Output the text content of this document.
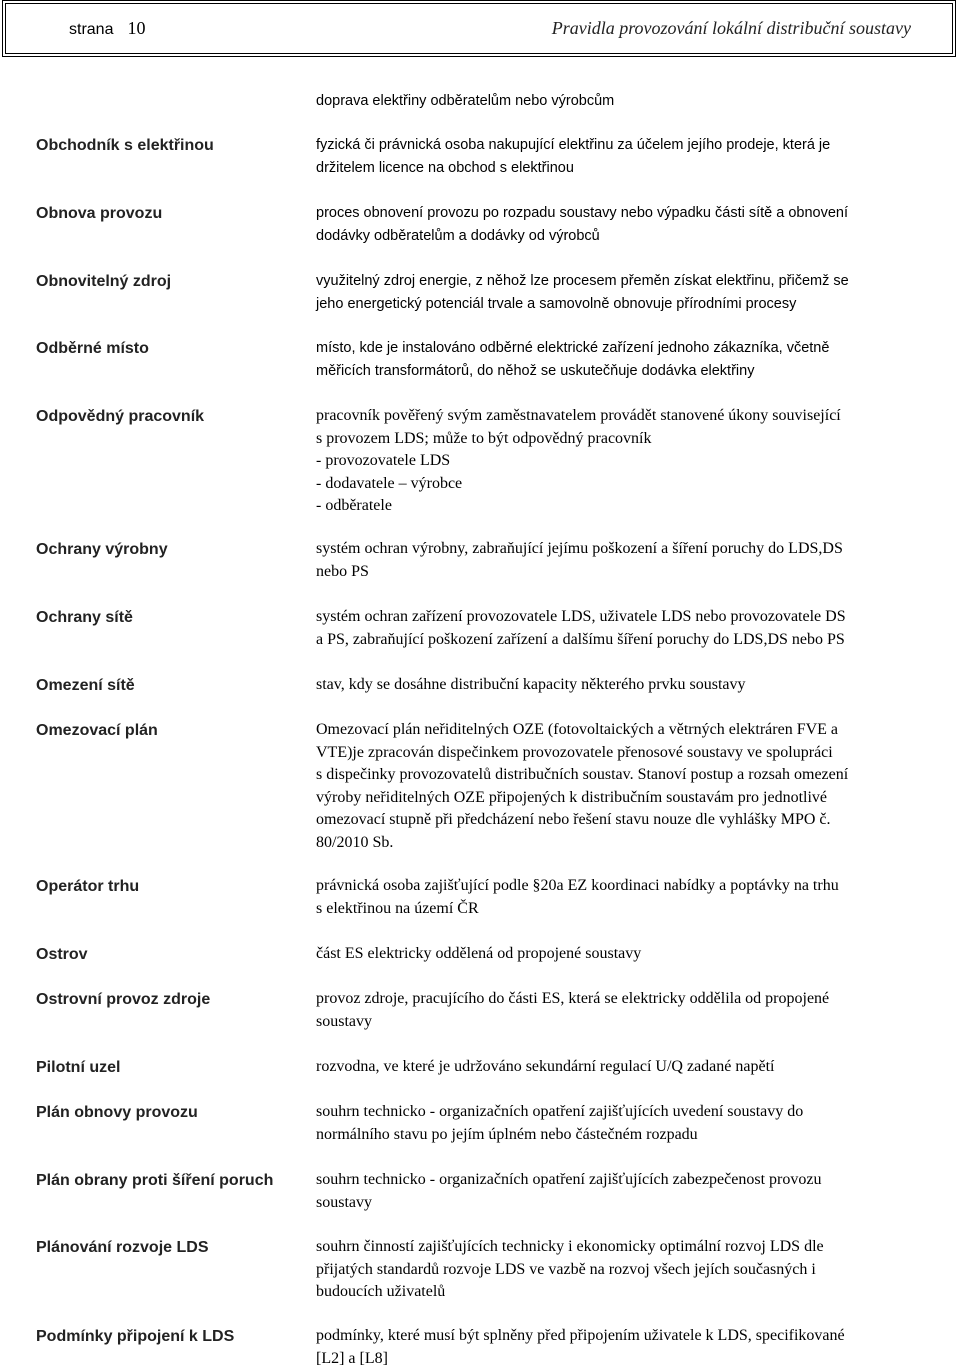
strana 10	Pravidla provozování lokální distribuční soustavy
doprava elektřiny odběratelům nebo výrobcům
Obchodník s elektřinou	fyzická či právnická osoba nakupující elektřinu za účelem jejího prodeje, která je
držitelem licence na obchod s elektřinou
Obnova provozu	proces obnovení provozu po rozpadu soustavy nebo výpadku části sítě a obnovení
dodávky odběratelům a dodávky od výrobců
Obnovitelný zdroj	využitelný zdroj energie, z něhož lze procesem přeměn získat elektřinu, přičemž se
jeho energetický potenciál trvale a samovolně obnovuje přírodními procesy
Odběrné místo	místo, kde je instalováno odběrné elektrické zařízení jednoho zákazníka, včetně
měřicích transformátorů, do něhož se uskutečňuje dodávka elektřiny
Odpovědný pracovník	pracovník pověřený svým zaměstnavatelem provádět stanovené úkony související
s provozem LDS; může to být odpovědný pracovník
- provozovatele LDS
- dodavatele – výrobce
- odběratele
Ochrany výrobny	systém ochran výrobny, zabraňující jejímu poškození a šíření poruchy do LDS,DS
nebo PS
Ochrany sítě	systém ochran zařízení provozovatele LDS, uživatele LDS nebo provozovatele DS
a PS, zabraňující poškození zařízení a dalšímu šíření poruchy do LDS,DS nebo PS
Omezení sítě	stav, kdy se dosáhne distribuční kapacity některého prvku soustavy
Omezovací plán	Omezovací plán neřiditelných OZE (fotovoltaických a větrných elektráren FVE a
VTE)je zpracován dispečinkem provozovatele přenosové soustavy ve spolupráci
s dispečinky provozovatelů distribučních soustav. Stanoví postup a rozsah omezení
výroby neřiditelných OZE připojených k distribučním soustavám pro jednotlivé
omezovací stupně při předcházení nebo řešení stavu nouze dle vyhlášky MPO č.
80/2010 Sb.
Operátor trhu	právnická osoba zajišťující podle §20a EZ koordinaci nabídky a poptávky na trhu
s elektřinou na území ČR
Ostrov	část ES elektricky oddělená od propojené soustavy
Ostrovní provoz zdroje	provoz zdroje, pracujícího do části ES, která se elektricky oddělila od propojené
soustavy
Pilotní uzel	rozvodna, ve které je udržováno sekundární regulací U/Q zadané napětí
Plán obnovy provozu	souhrn technicko - organizačních opatření zajišťujících uvedení soustavy do
normálního stavu po jejím úplném nebo částečném rozpadu
Plán obrany proti šíření poruch	souhrn technicko - organizačních opatření zajišťujících zabezpečenost provozu
soustavy
Plánování rozvoje LDS	souhrn činností zajišťujících technicky i ekonomicky optimální rozvoj LDS dle
přijatých standardů rozvoje LDS ve vazbě na rozvoj všech jejích současných i
budoucích uživatelů
Podmínky připojení k LDS	podmínky, které musí být splněny před připojením uživatele k LDS, specifikované
[L2] a [L8]
